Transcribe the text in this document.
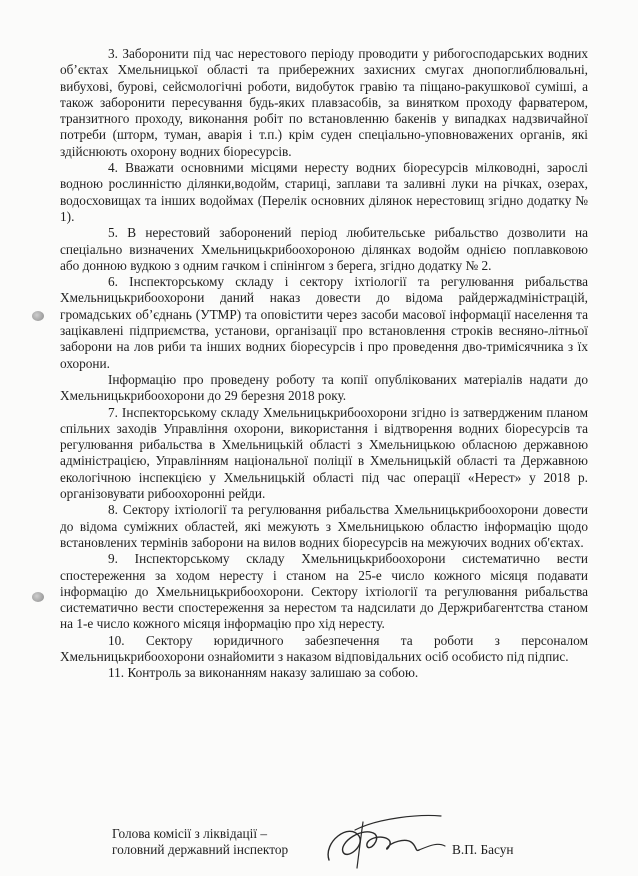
3. Заборонити під час нерестового періоду проводити у рибогосподарських водних об’єктах Хмельницької області та прибережних захисних смугах днопоглиблювальні, вибухові, бурові, сейсмологічні роботи, видобуток гравію та піщано-ракушкової суміші, а також заборонити пересування будь-яких плавзасобів, за винятком проходу фарватером, транзитного проходу, виконання робіт по встановленню бакенів у випадках надзвичайної потреби (шторм, туман, аварія і т.п.) крім суден спеціально-уповноважених органів, які здійснюють охорону водних біоресурсів.

4. Вважати основними місцями нересту водних біоресурсів мілководні, зарослі водною рослинністю ділянки,водойм, стариці, заплави та заливні луки на річках, озерах, водосховищах та інших водоймах (Перелік основних ділянок нерестовищ згідно додатку № 1).

5. В нерестовий заборонений період любительське рибальство дозволити на спеціально визначених Хмельницькрибоохороною ділянках водойм однією поплавковою або донною вудкою з одним гачком і спінінгом з берега, згідно додатку № 2.

6. Інспекторському складу і сектору іхтіології та регулювання рибальства Хмельницькрибоохорони даний наказ довести до відома райдержадміністрацій, громадських об’єднань (УТМР) та оповістити через засоби масової інформації населення та зацікавлені підприємства, установи, організації про встановлення строків весняно-літньої заборони на лов риби та інших водних біоресурсів і про проведення дво-тримісячника з їх охорони.

Інформацію про проведену роботу та копії опублікованих матеріалів надати до Хмельницькрибоохорони до 29 березня 2018 року.

7. Інспекторському складу Хмельницькрибоохорони згідно із затвердженим планом спільних заходів Управління охорони, використання і відтворення водних біоресурсів та регулювання рибальства в Хмельницькій області з Хмельницькою обласною державною адміністрацією, Управлінням національної поліції в Хмельницькій області та Державною екологічною інспекцією у Хмельницькій області під час операції «Нерест» у 2018 р. організовувати рибоохоронні рейди.

8. Сектору іхтіології та регулювання рибальства Хмельницькрибоохорони довести до відома суміжних областей, які межують з Хмельницькою областю інформацію щодо встановлених термінів заборони на вилов водних біоресурсів на межуючих водних об'єктах.

9. Інспекторському складу Хмельницькрибоохорони систематично вести спостереження за ходом нересту і станом на 25-е число кожного місяця подавати інформацію до Хмельницькрибоохорони. Сектору іхтіології та регулювання рибальства систематично вести спостереження за нерестом та надсилати до Держрибагентства станом на 1-е число кожного місяця інформацію про хід нересту.

10. Сектору юридичного забезпечення та роботи з персоналом Хмельницькрибоохорони ознайомити з наказом відповідальних осіб особисто під підпис.

11. Контроль за виконанням наказу залишаю за собою.

Голова комісії з ліквідації –
головний державний інспектор	В.П. Басун
